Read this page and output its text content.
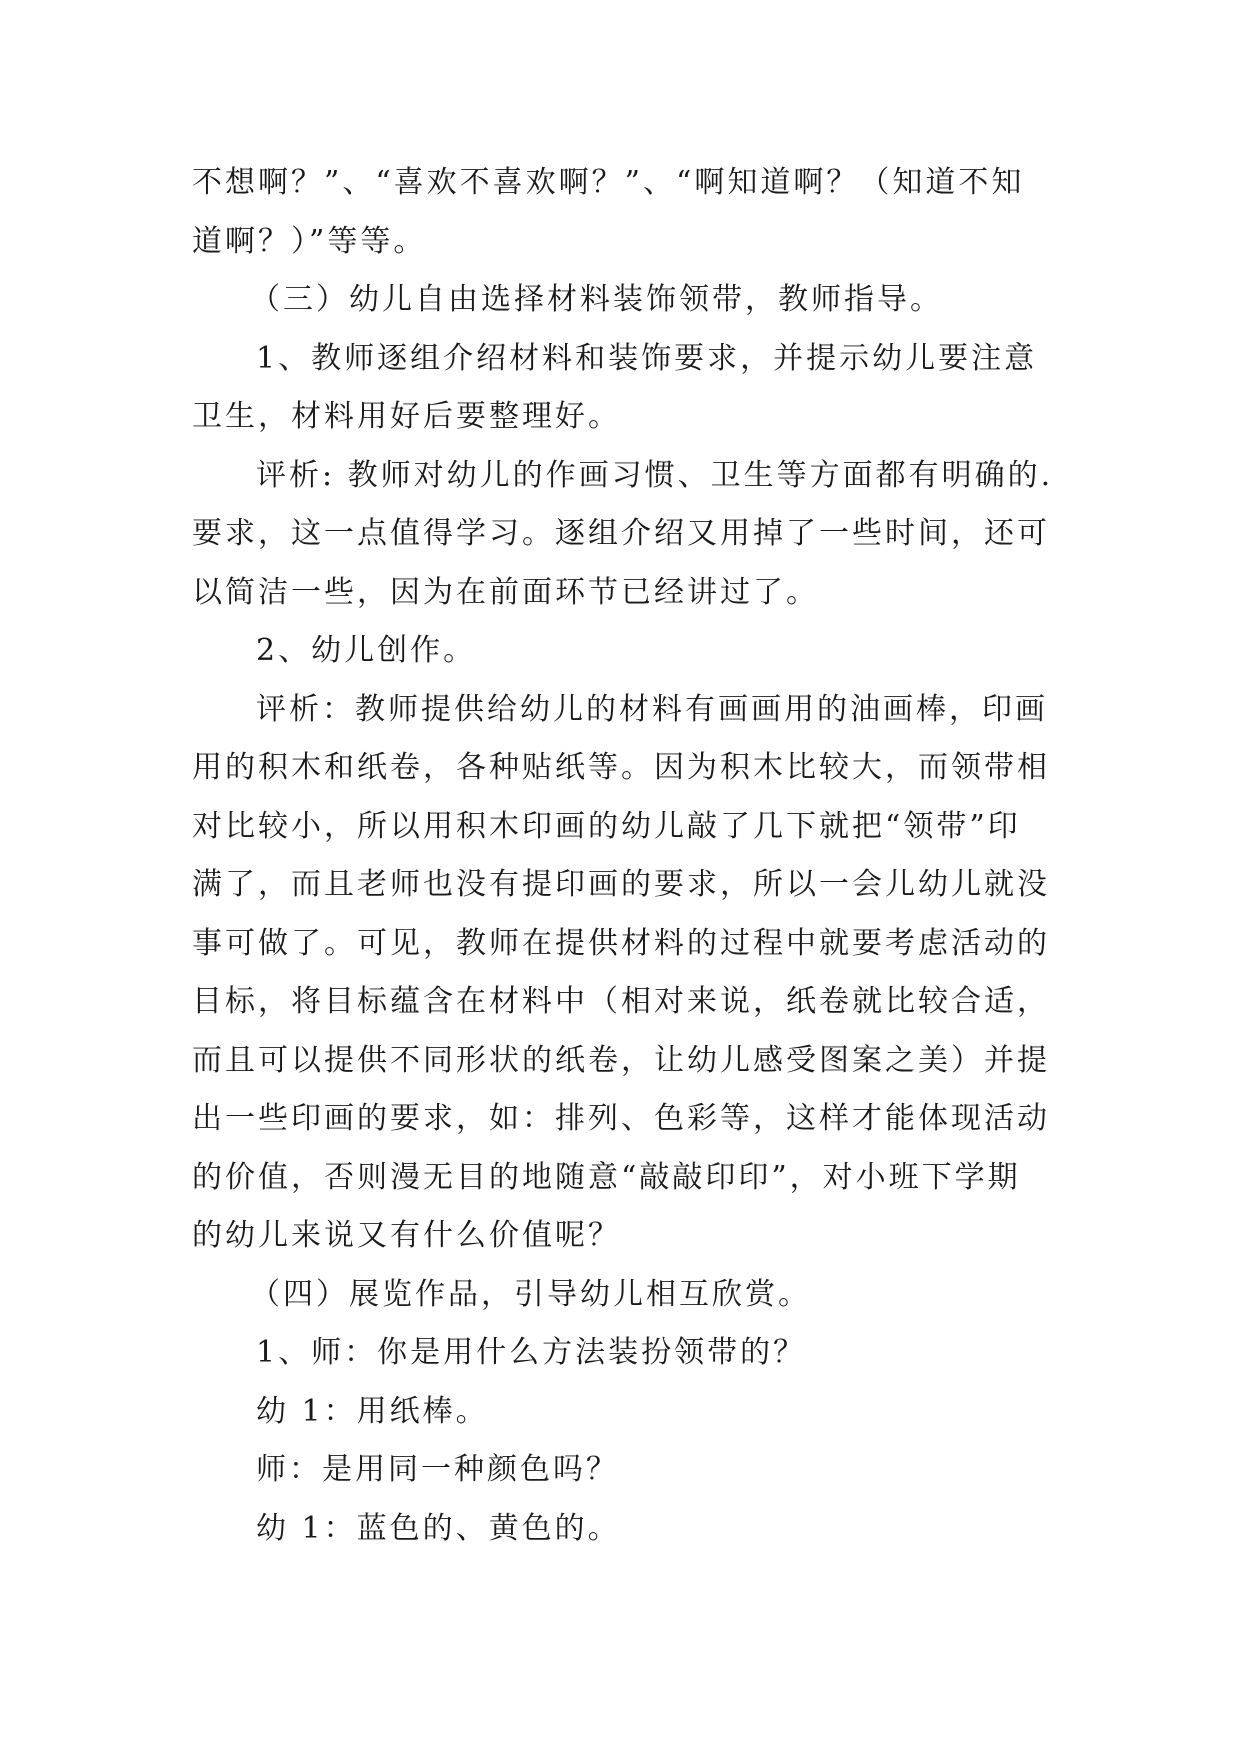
不想啊？”、“喜欢不喜欢啊？”、“啊知道啊？（知道不知
道啊？）”等等。
（三）幼儿自由选择材料装饰领带，教师指导。
1、教师逐组介绍材料和装饰要求，并提示幼儿要注意
卫生，材料用好后要整理好。
评析: 教师对幼儿的作画习惯、卫生等方面都有明确的.
要求，这一点值得学习。逐组介绍又用掉了一些时间，还可
以简洁一些，因为在前面环节已经讲过了。
2、幼儿创作。
评析：教师提供给幼儿的材料有画画用的油画棒，印画
用的积木和纸卷，各种贴纸等。因为积木比较大，而领带相
对比较小，所以用积木印画的幼儿敲了几下就把“领带”印
满了，而且老师也没有提印画的要求，所以一会儿幼儿就没
事可做了。可见，教师在提供材料的过程中就要考虑活动的
目标，将目标蕴含在材料中（相对来说，纸卷就比较合适，
而且可以提供不同形状的纸卷，让幼儿感受图案之美）并提
出一些印画的要求，如：排列、色彩等，这样才能体现活动
的价值，否则漫无目的地随意“敲敲印印”，对小班下学期
的幼儿来说又有什么价值呢？
（四）展览作品，引导幼儿相互欣赏。
1、师：你是用什么方法装扮领带的？
幼 1：用纸棒。
师：是用同一种颜色吗？
幼 1：蓝色的、黄色的。
